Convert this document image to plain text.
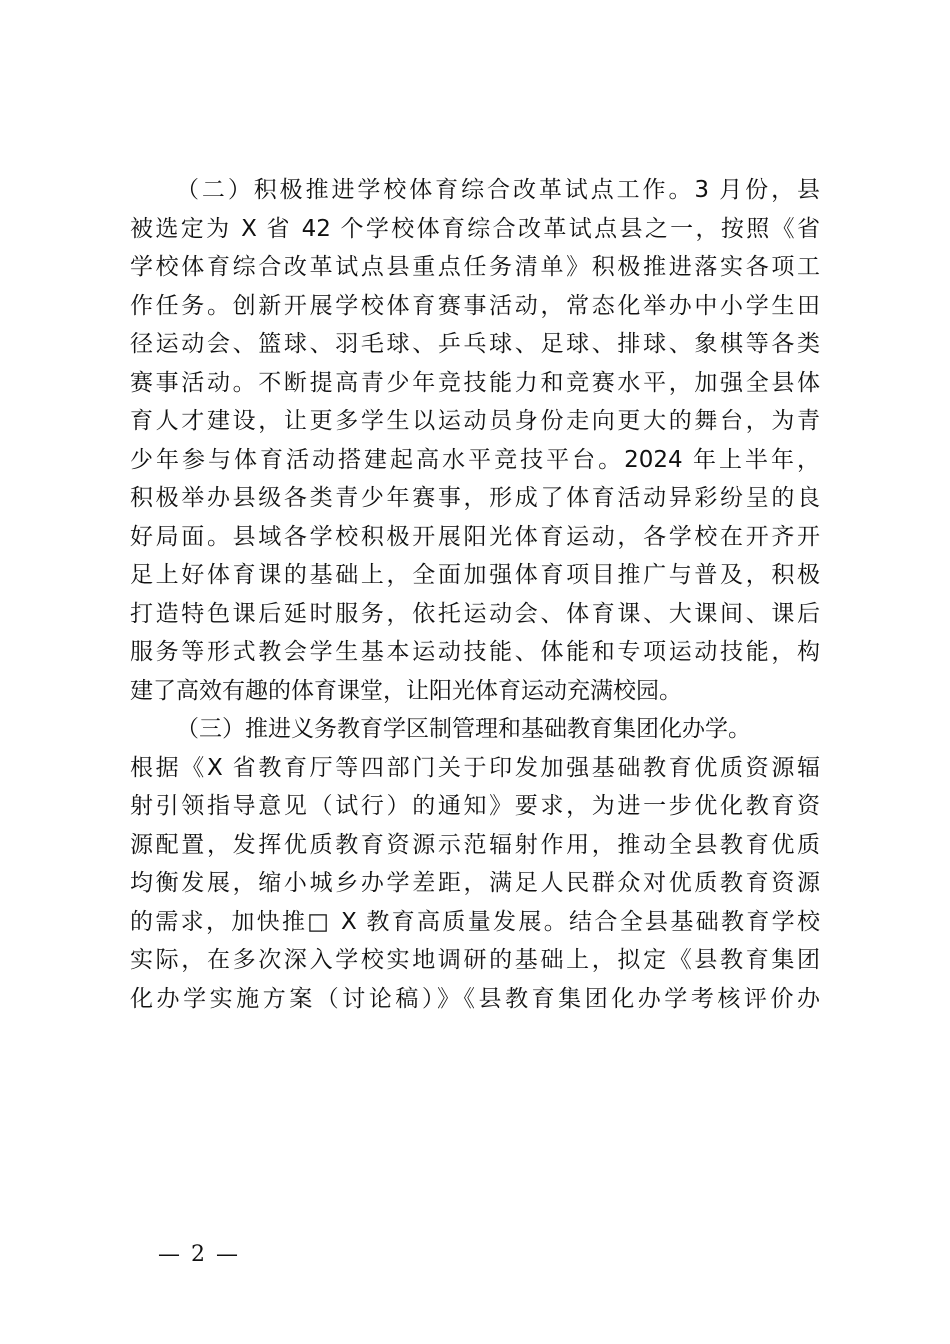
（二）积极推进学校体育综合改革试点工作。3 月份，县
被选定为 X 省 42 个学校体育综合改革试点县之一，按照《省
学校体育综合改革试点县重点任务清单》积极推进落实各项工
作任务。创新开展学校体育赛事活动，常态化举办中小学生田
径运动会、篮球、羽毛球、乒乓球、足球、排球、象棋等各类
赛事活动。不断提高青少年竞技能力和竞赛水平，加强全县体
育人才建设，让更多学生以运动员身份走向更大的舞台，为青
少年参与体育活动搭建起高水平竞技平台。2024 年上半年，
积极举办县级各类青少年赛事，形成了体育活动异彩纷呈的良
好局面。县域各学校积极开展阳光体育运动，各学校在开齐开
足上好体育课的基础上，全面加强体育项目推广与普及，积极
打造特色课后延时服务，依托运动会、体育课、大课间、课后
服务等形式教会学生基本运动技能、体能和专项运动技能，构
建了高效有趣的体育课堂，让阳光体育运动充满校园。
（三）推进义务教育学区制管理和基础教育集团化办学。
根据《X 省教育厅等四部门关于印发加强基础教育优质资源辐
射引领指导意见（试行）的通知》要求，为进一步优化教育资
源配置，发挥优质教育资源示范辐射作用，推动全县教育优质
均衡发展，缩小城乡办学差距，满足人民群众对优质教育资源
的需求，加快推□ X 教育高质量发展。结合全县基础教育学校
实际，在多次深入学校实地调研的基础上，拟定《县教育集团
化办学实施方案（讨论稿）》《县教育集团化办学考核评价办
— 2 —
